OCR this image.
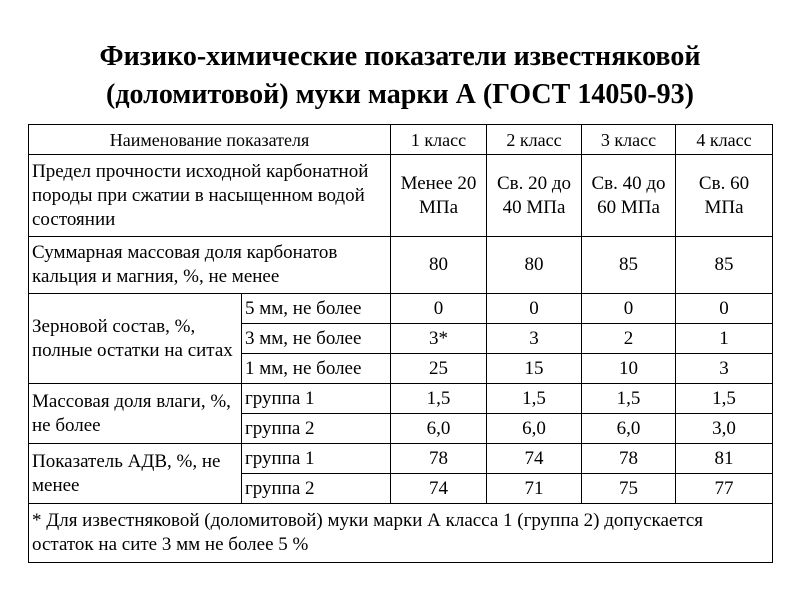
Физико-химические показатели известняковой
(доломитовой) муки марки А (ГОСТ 14050-93)
Наименование показателя		1 класс	2 класс	3 класс	4 класс
Предел прочности исходной карбонатной породы при сжатии в насыщенном водой состоянии		Менее 20 МПа	Св. 20 до 40 МПа	Св. 40 до 60 МПа	Св. 60 МПа
Суммарная массовая доля карбонатов кальция и магния, %, не менее		80	80	85	85
Зерновой состав, %, полные остатки на ситах	5 мм, не более	0	0	0	0
	3 мм, не более	3*	3	2	1
	1 мм, не более	25	15	10	3
Массовая доля влаги, %, не более	группа 1	1,5	1,5	1,5	1,5
	группа 2	6,0	6,0	6,0	3,0
Показатель АДВ, %, не менее	группа 1	78	74	78	81
	группа 2	74	71	75	77
* Для известняковой (доломитовой) муки марки А класса 1 (группа 2) допускается остаток на сите 3 мм не более 5 %					
